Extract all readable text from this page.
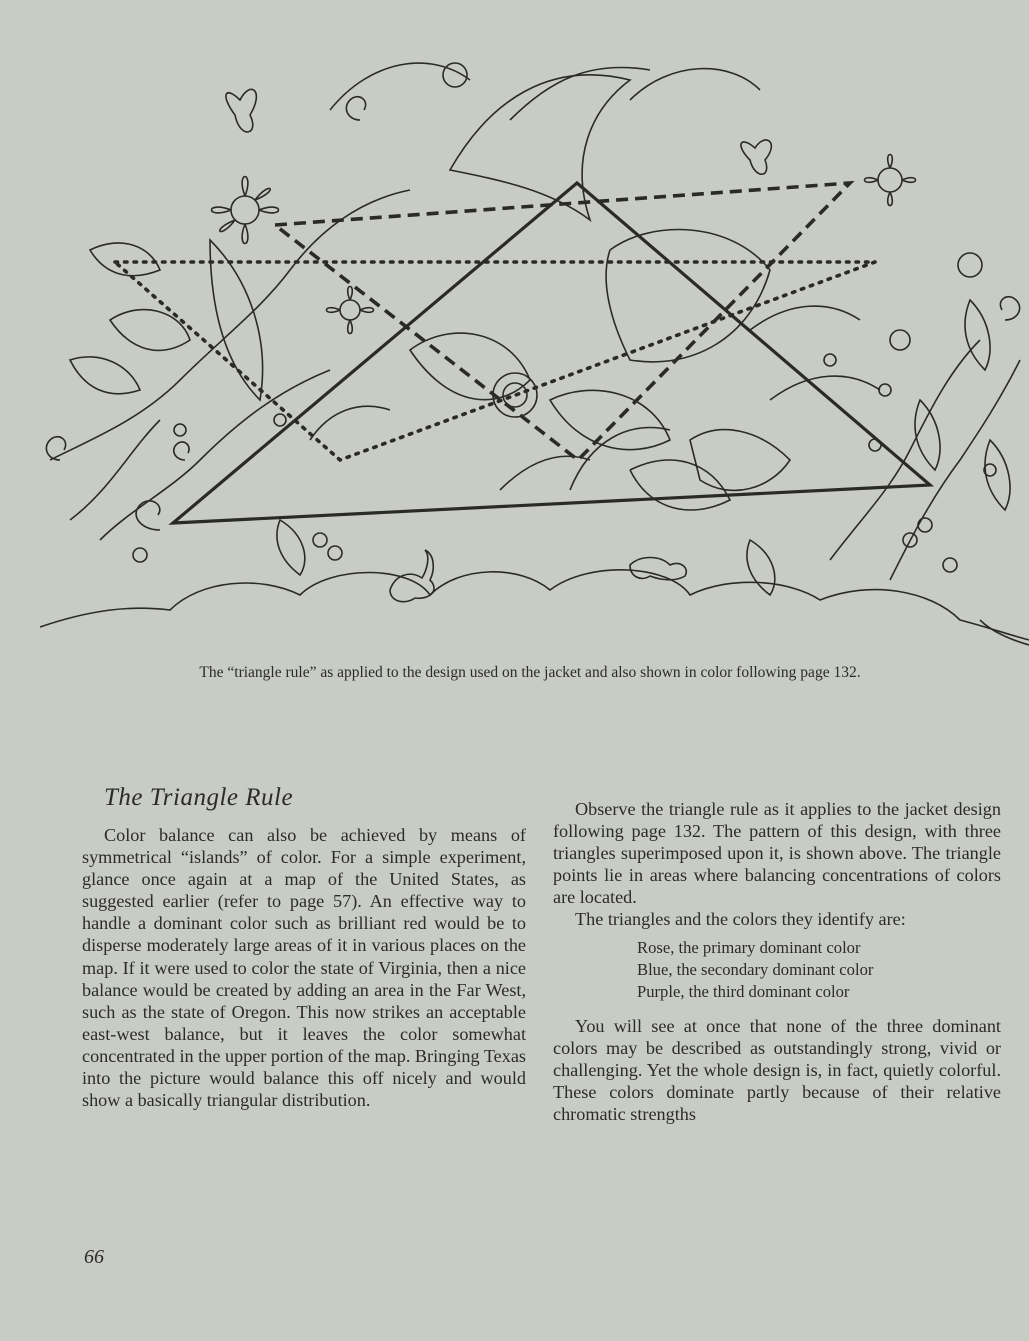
The “triangle rule” as applied to the design used on the jacket and also shown in color following page 132.
The Triangle Rule

Color balance can also be achieved by means of symmetrical “islands” of color. For a simple experiment, glance once again at a map of the United States, as suggested earlier (refer to page 57). An effective way to handle a dominant color such as brilliant red would be to disperse moderately large areas of it in various places on the map. If it were used to color the state of Virginia, then a nice balance would be created by adding an area in the Far West, such as the state of Oregon. This now strikes an acceptable east-west balance, but it leaves the color somewhat concentrated in the upper portion of the map. Bringing Texas into the picture would balance this off nicely and would show a basically triangular distribution.

Observe the triangle rule as it applies to the jacket design following page 132. The pattern of this design, with three triangles superimposed upon it, is shown above. The triangle points lie in areas where balancing concentrations of colors are located.

The triangles and the colors they identify are:

Rose, the primary dominant color
Blue, the secondary dominant color
Purple, the third dominant color

You will see at once that none of the three dominant colors may be described as outstandingly strong, vivid or challenging. Yet the whole design is, in fact, quietly colorful. These colors dominate partly because of their relative chromatic strengths

66
